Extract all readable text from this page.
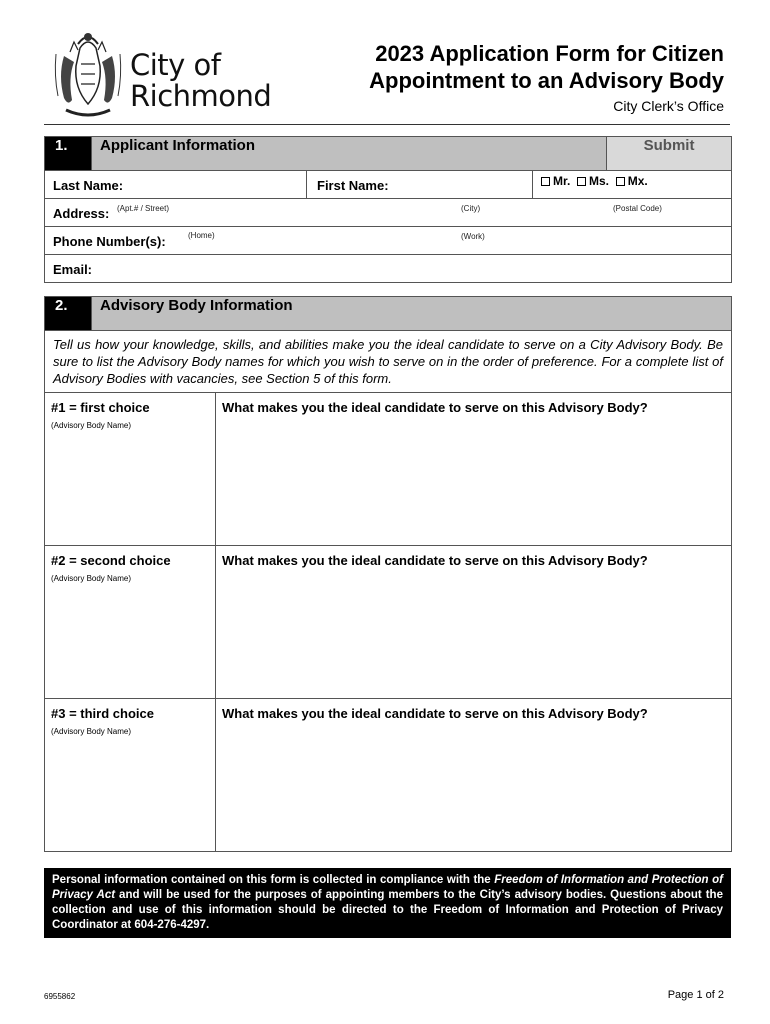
City of
Richmond
2023 Application Form for Citizen
Appointment to an Advisory Body
City Clerk’s Office
1.	Applicant Information			Submit

Last Name:		First Name:	Mr. Ms. Mx.	

Address: (Apt.# / Street) (City) (Postal Code)				

Phone Number(s): (Home) (Work)				

Email:				
2.	Advisory Body Information	
Tell us how your knowledge, skills, and abilities make you the ideal candidate to serve on a City Advisory Body. Be sure to list the Advisory Body names for which you wish to serve on in the order of preference. For a complete list of Advisory Bodies with vacancies, see Section 5 of this form.		

#1 = first choice
(Advisory Body Name)		What makes you the ideal candidate to serve on this Advisory Body?

#2 = second choice
(Advisory Body Name)		What makes you the ideal candidate to serve on this Advisory Body?

#3 = third choice
(Advisory Body Name)		What makes you the ideal candidate to serve on this Advisory Body?
Personal information contained on this form is collected in compliance with the Freedom of Information and Protection of Privacy Act and will be used for the purposes of appointing members to the City’s advisory bodies. Questions about the collection and use of this information should be directed to the Freedom of Information and Protection of Privacy Coordinator at 604-276-4297.
6955862	Page 1 of 2
